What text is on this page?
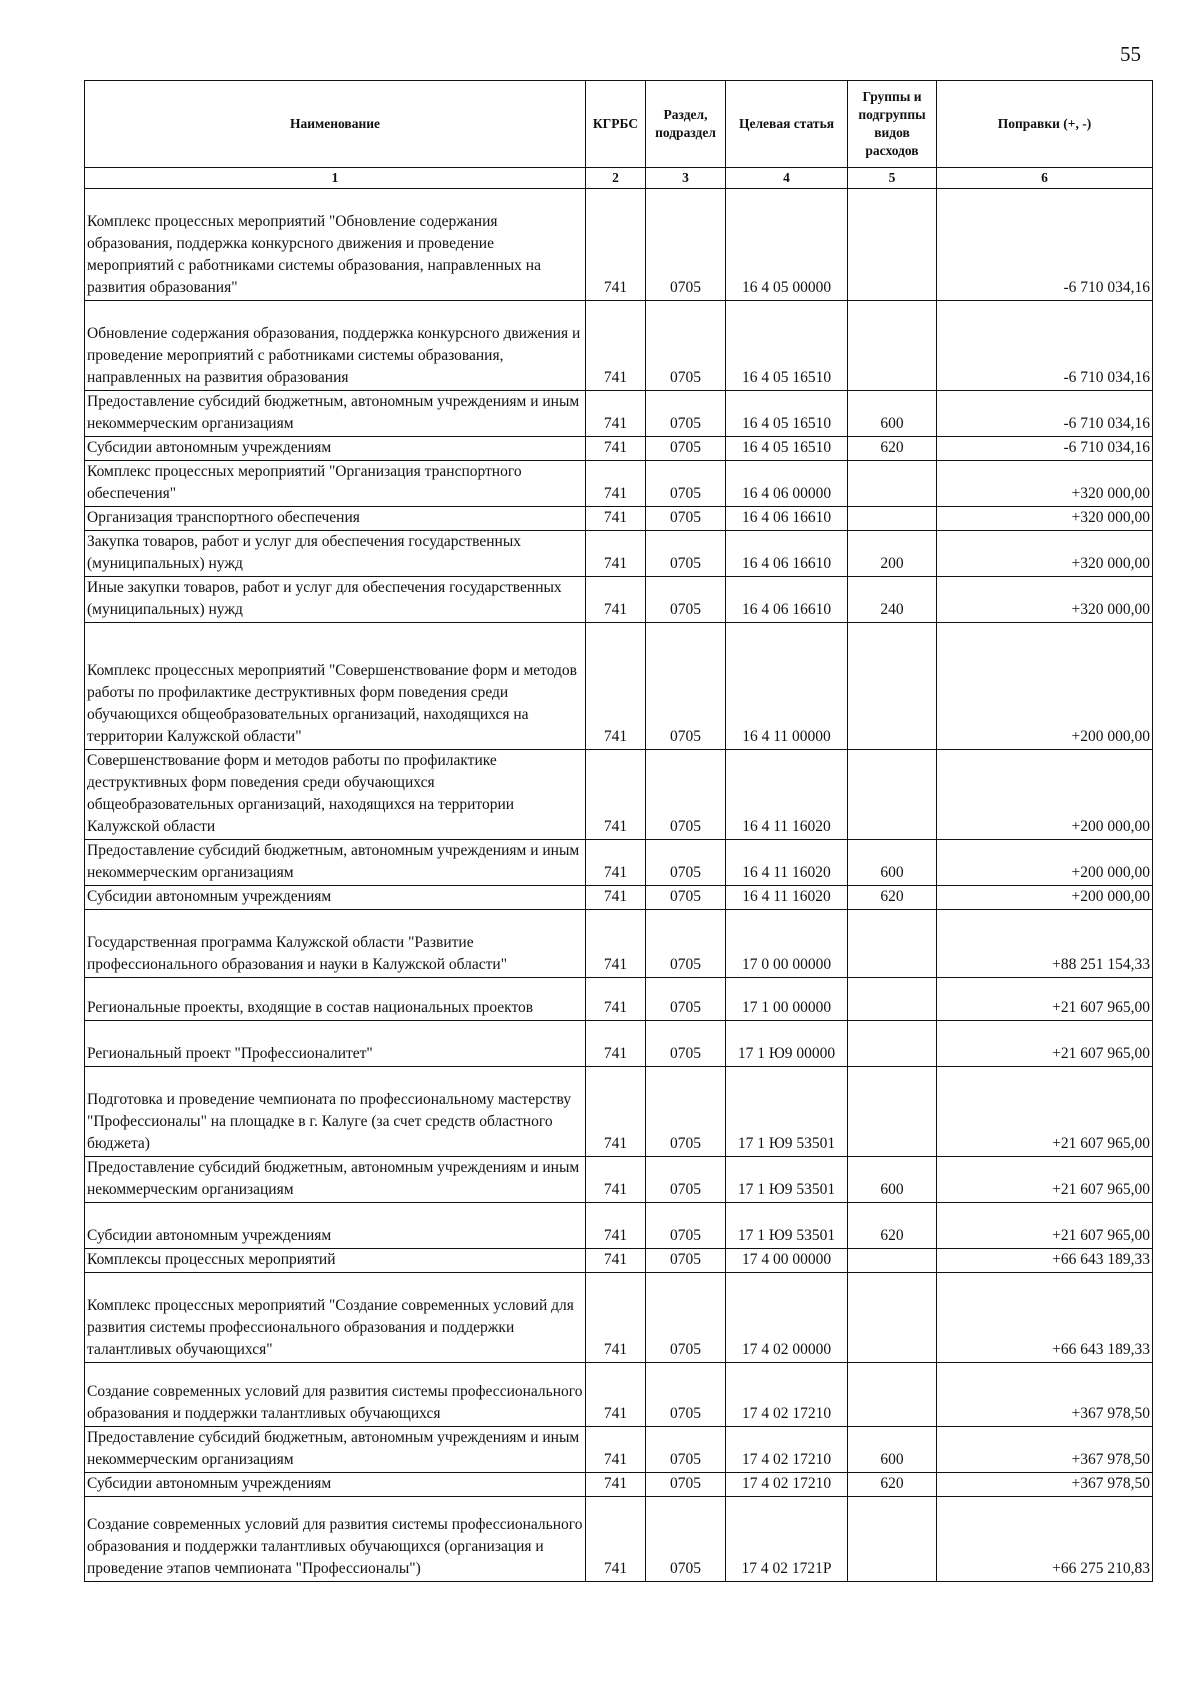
55
Наименование	КГРБС	Раздел, подраздел	Целевая статья	Группы и подгруппы видов расходов	Поправки (+, -)
1	2	3	4	5	6
Комплекс процессных мероприятий "Обновление содержания образования, поддержка конкурсного движения и проведение мероприятий с работниками системы образования, направленных на развития образования"	741	0705	16 4 05 00000		-6 710 034,16
Обновление содержания образования, поддержка конкурсного движения и проведение мероприятий с работниками системы образования, направленных на развития образования	741	0705	16 4 05 16510		-6 710 034,16
Предоставление субсидий бюджетным, автономным учреждениям и иным некоммерческим организациям	741	0705	16 4 05 16510	600	-6 710 034,16
Субсидии автономным учреждениям	741	0705	16 4 05 16510	620	-6 710 034,16
Комплекс процессных мероприятий "Организация транспортного обеспечения"	741	0705	16 4 06 00000		+320 000,00
Организация транспортного обеспечения	741	0705	16 4 06 16610		+320 000,00
Закупка товаров, работ и услуг для обеспечения государственных (муниципальных) нужд	741	0705	16 4 06 16610	200	+320 000,00
Иные закупки товаров, работ и услуг для обеспечения государственных (муниципальных) нужд	741	0705	16 4 06 16610	240	+320 000,00
Комплекс процессных мероприятий "Совершенствование форм и методов работы по профилактике деструктивных форм поведения среди обучающихся общеобразовательных организаций, находящихся на территории Калужской области"	741	0705	16 4 11 00000		+200 000,00
Совершенствование форм и методов работы по профилактике деструктивных форм поведения среди обучающихся общеобразовательных организаций, находящихся на территории Калужской области	741	0705	16 4 11 16020		+200 000,00
Предоставление субсидий бюджетным, автономным учреждениям и иным некоммерческим организациям	741	0705	16 4 11 16020	600	+200 000,00
Субсидии автономным учреждениям	741	0705	16 4 11 16020	620	+200 000,00
Государственная программа Калужской области "Развитие профессионального образования и науки в Калужской области"	741	0705	17 0 00 00000		+88 251 154,33
Региональные проекты, входящие в состав национальных проектов	741	0705	17 1 00 00000		+21 607 965,00
Региональный проект "Профессионалитет"	741	0705	17 1 Ю9 00000		+21 607 965,00
Подготовка и проведение чемпионата по профессиональному мастерству "Профессионалы" на площадке в г. Калуге (за счет средств областного бюджета)	741	0705	17 1 Ю9 53501		+21 607 965,00
Предоставление субсидий бюджетным, автономным учреждениям и иным некоммерческим организациям	741	0705	17 1 Ю9 53501	600	+21 607 965,00
Субсидии автономным учреждениям	741	0705	17 1 Ю9 53501	620	+21 607 965,00
Комплексы процессных мероприятий	741	0705	17 4 00 00000		+66 643 189,33
Комплекс процессных мероприятий "Создание современных условий для развития системы профессионального образования и поддержки талантливых обучающихся"	741	0705	17 4 02 00000		+66 643 189,33
Создание современных условий для развития системы профессионального образования и поддержки талантливых обучающихся	741	0705	17 4 02 17210		+367 978,50
Предоставление субсидий бюджетным, автономным учреждениям и иным некоммерческим организациям	741	0705	17 4 02 17210	600	+367 978,50
Субсидии автономным учреждениям	741	0705	17 4 02 17210	620	+367 978,50
Создание современных условий для развития системы профессионального образования и поддержки талантливых обучающихся (организация и проведение этапов чемпионата "Профессионалы")	741	0705	17 4 02 1721Р		+66 275 210,83
